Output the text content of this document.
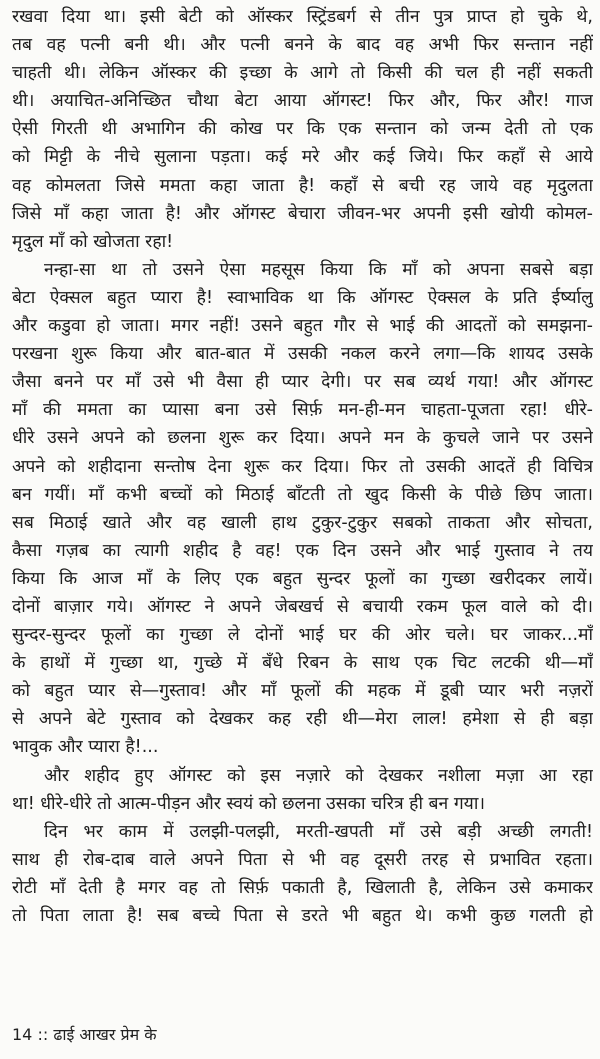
रखवा दिया था। इसी बेटी को ऑस्कर स्ट्रिंडबर्ग से तीन पुत्र प्राप्त हो चुके थे,
तब वह पत्नी बनी थी। और पत्नी बनने के बाद वह अभी फिर सन्तान नहीं
चाहती थी। लेकिन ऑस्कर की इच्छा के आगे तो किसी की चल ही नहीं सकती
थी। अयाचित-अनिच्छित चौथा बेटा आया ऑगस्ट! फिर और, फिर और! गाज
ऐसी गिरती थी अभागिन की कोख पर कि एक सन्तान को जन्म देती तो एक
को मिट्टी के नीचे सुलाना पड़ता। कई मरे और कई जिये। फिर कहाँ से आये
वह कोमलता जिसे ममता कहा जाता है! कहाँ से बची रह जाये वह मृदुलता
जिसे माँ कहा जाता है! और ऑगस्ट बेचारा जीवन-भर अपनी इसी खोयी कोमल-
मृदुल माँ को खोजता रहा!
नन्हा-सा था तो उसने ऐसा महसूस किया कि माँ को अपना सबसे बड़ा
बेटा ऐक्सल बहुत प्यारा है! स्वाभाविक था कि ऑगस्ट ऐक्सल के प्रति ईर्ष्यालु
और कडुवा हो जाता। मगर नहीं! उसने बहुत गौर से भाई की आदतों को समझना-
परखना शुरू किया और बात-बात में उसकी नकल करने लगा—कि शायद उसके
जैसा बनने पर माँ उसे भी वैसा ही प्यार देगी। पर सब व्यर्थ गया! और ऑगस्ट
माँ की ममता का प्यासा बना उसे सिर्फ़ मन-ही-मन चाहता-पूजता रहा! धीरे-
धीरे उसने अपने को छलना शुरू कर दिया। अपने मन के कुचले जाने पर उसने
अपने को शहीदाना सन्तोष देना शुरू कर दिया। फिर तो उसकी आदतें ही विचित्र
बन गयीं। माँ कभी बच्चों को मिठाई बाँटती तो खुद किसी के पीछे छिप जाता।
सब मिठाई खाते और वह खाली हाथ टुकुर-टुकुर सबको ताकता और सोचता,
कैसा गज़ब का त्यागी शहीद है वह! एक दिन उसने और भाई गुस्ताव ने तय
किया कि आज माँ के लिए एक बहुत सुन्दर फूलों का गुच्छा खरीदकर लायें।
दोनों बाज़ार गये। ऑगस्ट ने अपने जेबखर्च से बचायी रकम फूल वाले को दी।
सुन्दर-सुन्दर फूलों का गुच्छा ले दोनों भाई घर की ओर चले। घर जाकर...माँ
के हाथों में गुच्छा था, गुच्छे में बँधे रिबन के साथ एक चिट लटकी थी—माँ
को बहुत प्यार से—गुस्ताव! और माँ फूलों की महक में डूबी प्यार भरी नज़रों
से अपने बेटे गुस्ताव को देखकर कह रही थी—मेरा लाल! हमेशा से ही बड़ा
भावुक और प्यारा है!...
और शहीद हुए ऑगस्ट को इस नज़ारे को देखकर नशीला मज़ा आ रहा
था! धीरे-धीरे तो आत्म-पीड़न और स्वयं को छलना उसका चरित्र ही बन गया।
दिन भर काम में उलझी-पलझी, मरती-खपती माँ उसे बड़ी अच्छी लगती!
साथ ही रोब-दाब वाले अपने पिता से भी वह दूसरी तरह से प्रभावित रहता।
रोटी माँ देती है मगर वह तो सिर्फ़ पकाती है, खिलाती है, लेकिन उसे कमाकर
तो पिता लाता है! सब बच्चे पिता से डरते भी बहुत थे। कभी कुछ गलती हो
14 :: ढाई आखर प्रेम के
